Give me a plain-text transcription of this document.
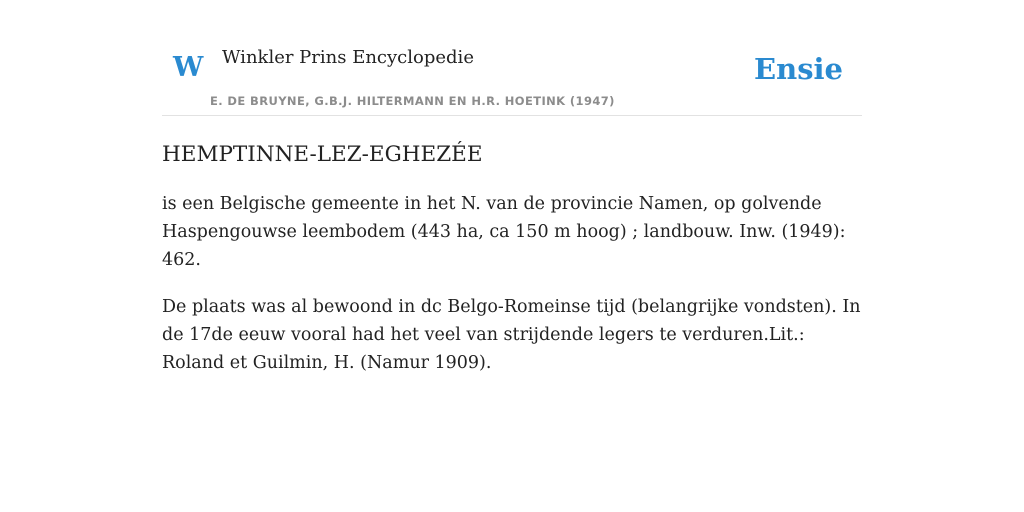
W Winkler Prins Encyclopedie
E. DE BRUYNE, G.B.J. HILTERMANN EN H.R. HOETINK (1947)
Ensie
HEMPTINNE-LEZ-EGHEZÉE

is een Belgische gemeente in het N. van de provincie Namen, op golvende Haspengouwse leembodem (443 ha, ca 150 m hoog) ; landbouw. Inw. (1949): 462.

De plaats was al bewoond in dc Belgo-Romeinse tijd (belangrijke vondsten). In de 17de eeuw vooral had het veel van strijdende legers te verduren.Lit.: Roland et Guilmin, H. (Namur 1909).
